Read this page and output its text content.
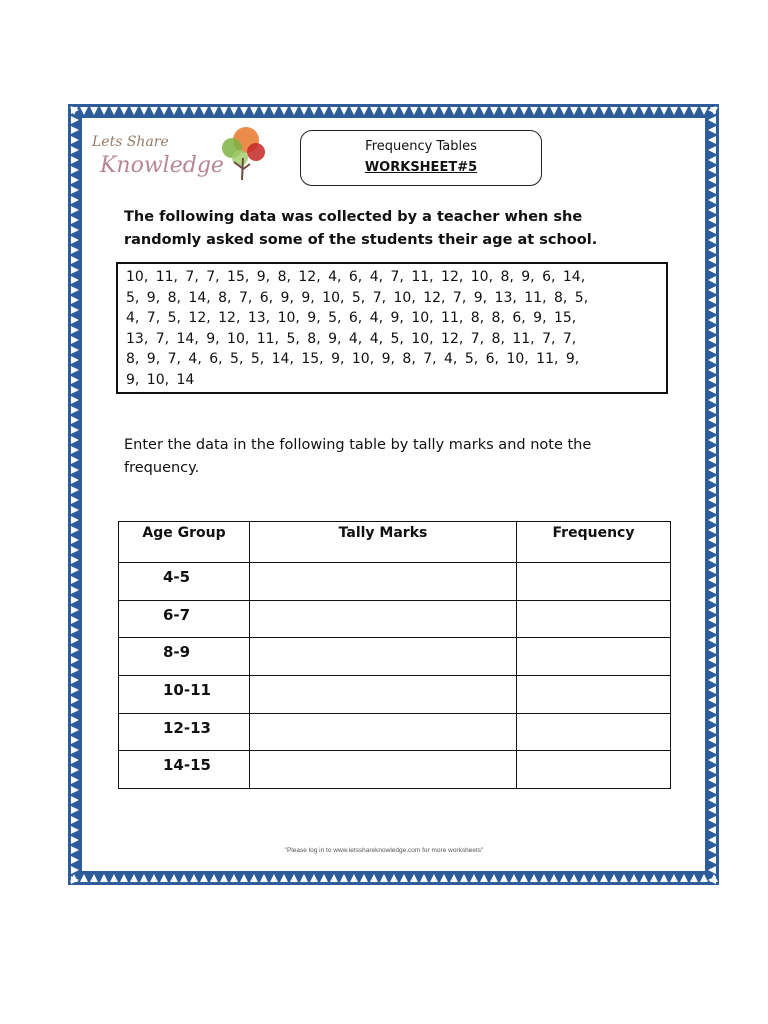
Lets Share
Knowledge
Frequency Tables
WORKSHEET#5
The following data was collected by a teacher when she randomly asked some of the students their age at school.
10, 11, 7, 7, 15, 9, 8, 12, 4, 6, 4, 7, 11, 12, 10, 8, 9, 6, 14,
5, 9, 8, 14, 8, 7, 6, 9, 9, 10, 5, 7, 10, 12, 7, 9, 13, 11, 8, 5,
4, 7, 5, 12, 12, 13, 10, 9, 5, 6, 4, 9, 10, 11, 8, 8, 6, 9, 15,
13, 7, 14, 9, 10, 11, 5, 8, 9, 4, 4, 5, 10, 12, 7, 8, 11, 7, 7,
8, 9, 7, 4, 6, 5, 5, 14, 15, 9, 10, 9, 8, 7, 4, 5, 6, 10, 11, 9,
9, 10, 14
Enter the data in the following table by tally marks and note the frequency.
Age Group	Tally Marks	Frequency
4-5		
6-7		
8-9		
10-11		
12-13		
14-15		
"Please log in to www.letsshareknowledge.com for more worksheets"
